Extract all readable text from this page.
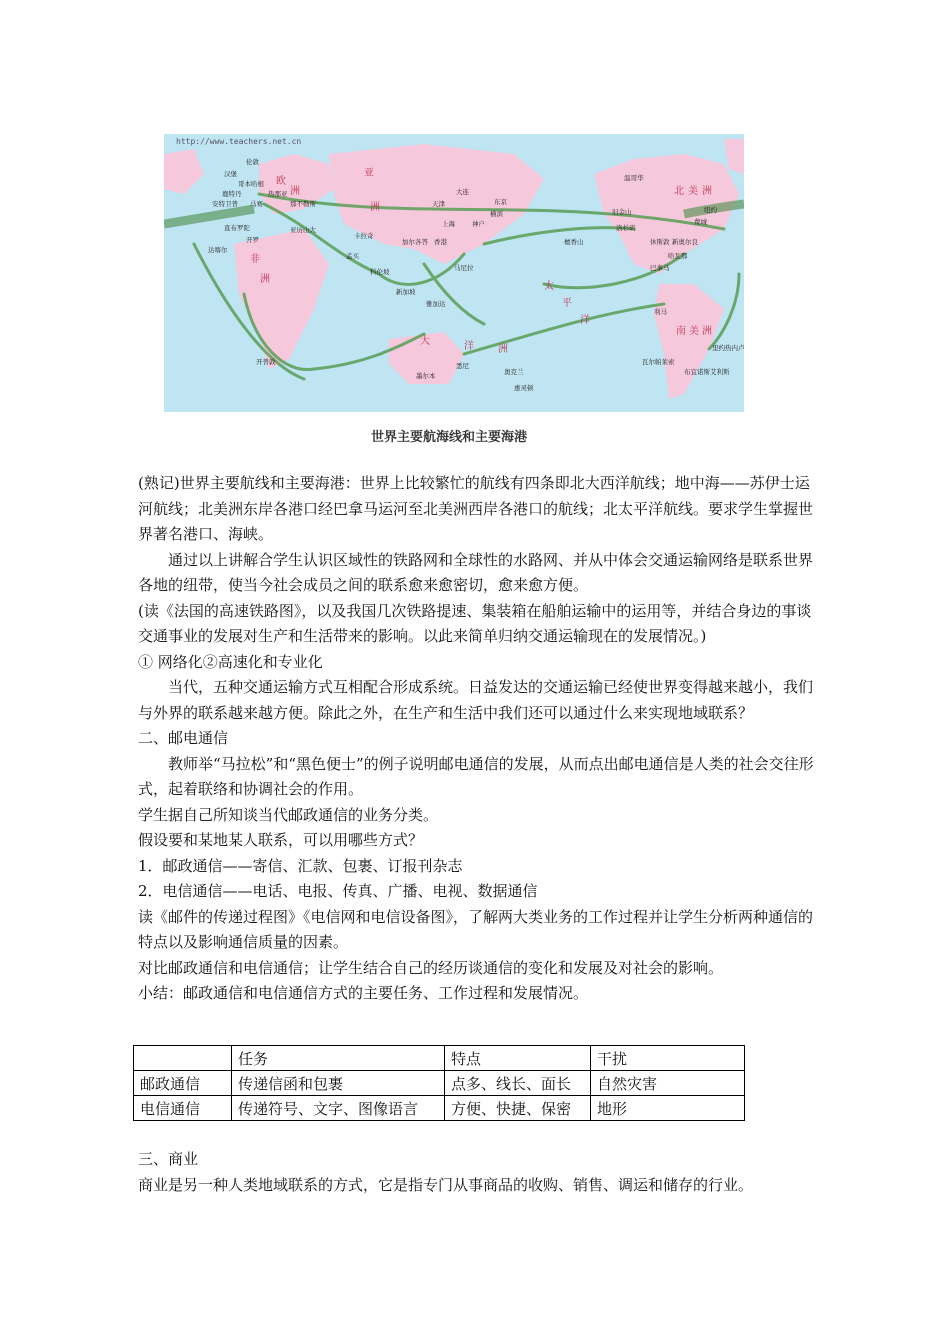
欧
洲
亚
洲
非
洲
大	洋 洲
北 美 洲
南 美 洲
太
平
洋
伦敦
汉堡
哥本哈根
鹿特丹
安特卫普 马赛
热那亚
那不勒斯
直布罗陀	亚历山大
开罗	卡拉奇
孟买
科伦坡
加尔各答
新加坡
香港
上海
天津
大连
东京
横滨
神户
马尼拉
雅加达
悉尼
墨尔本
惠灵顿
奥克兰
檀香山
温哥华
旧金山
洛杉矶
巴拿马
纽约
费城
休斯敦 新奥尔良
哈瓦那
里约热内卢
布宜诺斯艾利斯
开普敦
达喀尔
利马
瓦尔帕莱索
http://www.teachers.net.cn
世界主要航海线和主要海港

(熟记)世界主要航线和主要海港：世界上比较繁忙的航线有四条即北大西洋航线；地中海——苏伊士运河航线；北美洲东岸各港口经巴拿马运河至北美洲西岸各港口的航线；北太平洋航线。要求学生掌握世界著名港口、海峡。

通过以上讲解合学生认识区域性的铁路网和全球性的水路网、并从中体会交通运输网络是联系世界各地的纽带，使当今社会成员之间的联系愈来愈密切，愈来愈方便。

(读《法国的高速铁路图》，以及我国几次铁路提速、集装箱在船舶运输中的运用等，并结合身边的事谈交通事业的发展对生产和生活带来的影响。以此来简单归纳交通运输现在的发展情况。)

① 网络化②高速化和专业化

当代，五种交通运输方式互相配合形成系统。日益发达的交通运输已经使世界变得越来越小，我们与外界的联系越来越方便。除此之外，在生产和生活中我们还可以通过什么来实现地域联系？

二、邮电通信

教师举“马拉松”和“黑色便士”的例子说明邮电通信的发展，从而点出邮电通信是人类的社会交往形式，起着联络和协调社会的作用。

学生据自己所知谈当代邮政通信的业务分类。

假设要和某地某人联系，可以用哪些方式？

1．邮政通信——寄信、汇款、包裹、订报刊杂志

2．电信通信——电话、电报、传真、广播、电视、数据通信

读《邮件的传递过程图》《电信网和电信设备图》，了解两大类业务的工作过程并让学生分析两种通信的特点以及影响通信质量的因素。

对比邮政通信和电信通信；让学生结合自己的经历谈通信的变化和发展及对社会的影响。

小结：邮政通信和电信通信方式的主要任务、工作过程和发展情况。

	任务	特点	干扰
邮政通信	传递信函和包裹	点多、线长、面长	自然灾害
电信通信	传递符号、文字、图像语言	方便、快捷、保密	地形

三、商业

商业是另一种人类地域联系的方式，它是指专门从事商品的收购、销售、调运和储存的行业。
